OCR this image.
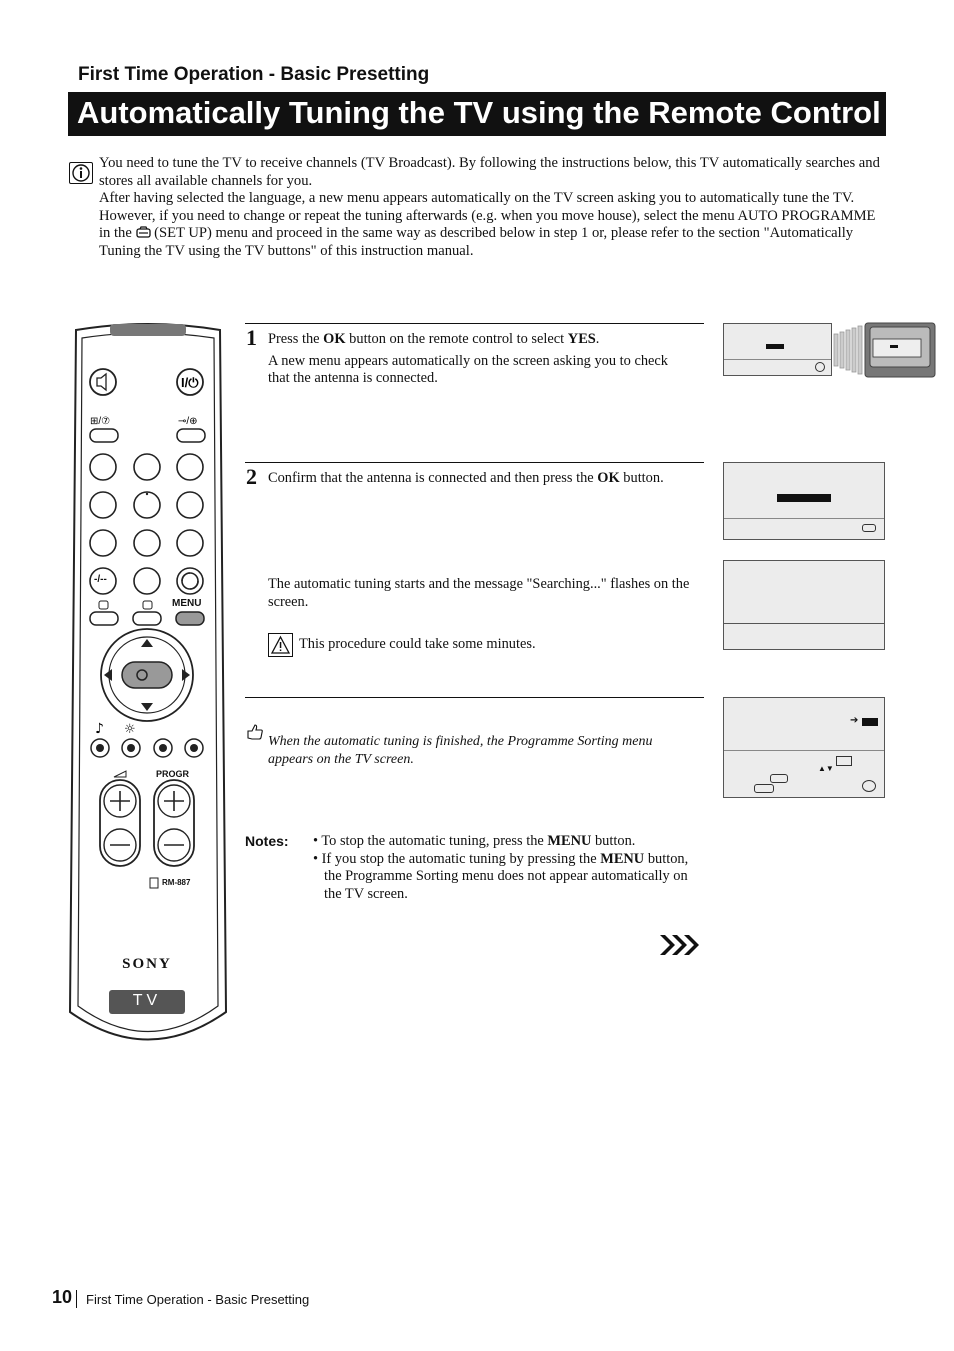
First Time Operation - Basic Presetting
Automatically Tuning the TV using the Remote Control

You need to tune the TV to receive channels (TV Broadcast). By following the instructions below, this TV automatically searches and stores all available channels for you.

After having selected the language, a new menu appears automatically on the TV screen asking you to automatically tune the TV. However, if you need to change or repeat the tuning afterwards (e.g. when you move house), select the menu AUTO PROGRAMME in the (SET UP) menu and proceed in the same way as described below in step 1 or, please refer to the section "Automatically Tuning the TV using the TV buttons" of this instruction manual.

I/⏻
⊞/⑦	⊸/⊕
♪ ☼
-/--
MENU
PROGR
RM-887
SONY
TV
1 Press the OK button on the remote control to select YES.

A new menu appears automatically on the screen asking you to check that the antenna is connected.

2 Confirm that the antenna is connected and then press the OK button.

The automatic tuning starts and the message "Searching..." flashes on the screen.
This procedure could take some minutes.
When the automatic tuning is finished, the Programme Sorting menu appears on the TV screen.
➔
▲▼
Notes: • To stop the automatic tuning, press the MENU button.
• If you stop the automatic tuning by pressing the MENU button, the Programme Sorting menu does not appear automatically on the TV screen.
10 First Time Operation - Basic Presetting
